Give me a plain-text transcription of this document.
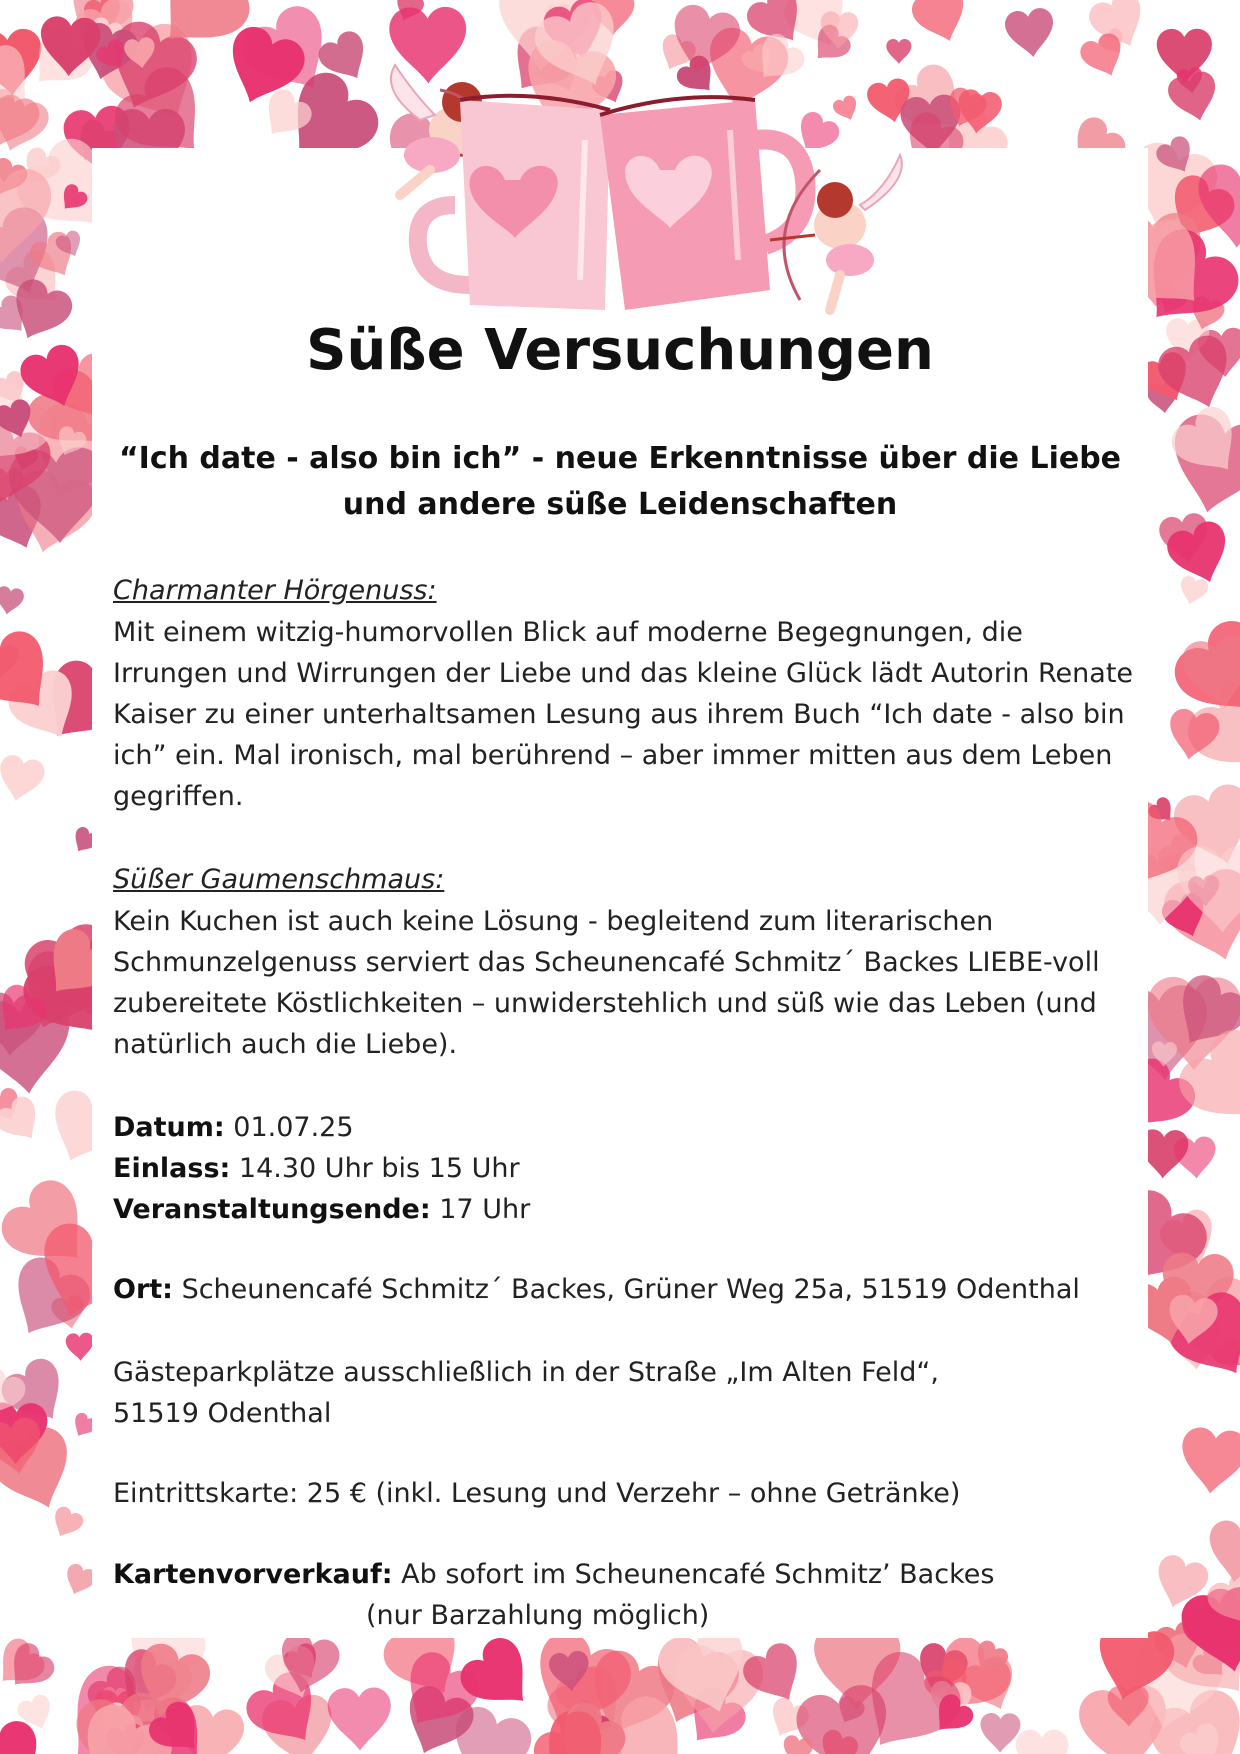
Süße Versuchungen
“Ich date - also bin ich” - neue Erkenntnisse über die Liebe und andere süße Leidenschaften
Charmanter Hörgenuss:
Mit einem witzig-humorvollen Blick auf moderne Begegnungen, die Irrungen und Wirrungen der Liebe und das kleine Glück lädt Autorin Renate Kaiser zu einer unterhaltsamen Lesung aus ihrem Buch “Ich date - also bin ich” ein. Mal ironisch, mal berührend – aber immer mitten aus dem Leben gegriffen.
Süßer Gaumenschmaus:
Kein Kuchen ist auch keine Lösung - begleitend zum literarischen Schmunzelgenuss serviert das Scheunencafé Schmitz´ Backes LIEBE-voll zubereitete Köstlichkeiten – unwiderstehlich und süß wie das Leben (und natürlich auch die Liebe).
Datum: 01.07.25
Einlass: 14.30 Uhr bis 15 Uhr
Veranstaltungsende: 17 Uhr
Ort: Scheunencafé Schmitz´ Backes, Grüner Weg 25a, 51519 Odenthal
Gästeparkplätze ausschließlich in der Straße „Im Alten Feld“, 51519 Odenthal
Eintrittskarte: 25 € (inkl. Lesung und Verzehr – ohne Getränke)
Kartenvorverkauf: Ab sofort im Scheunencafé Schmitz’ Backes
(nur Barzahlung möglich)
